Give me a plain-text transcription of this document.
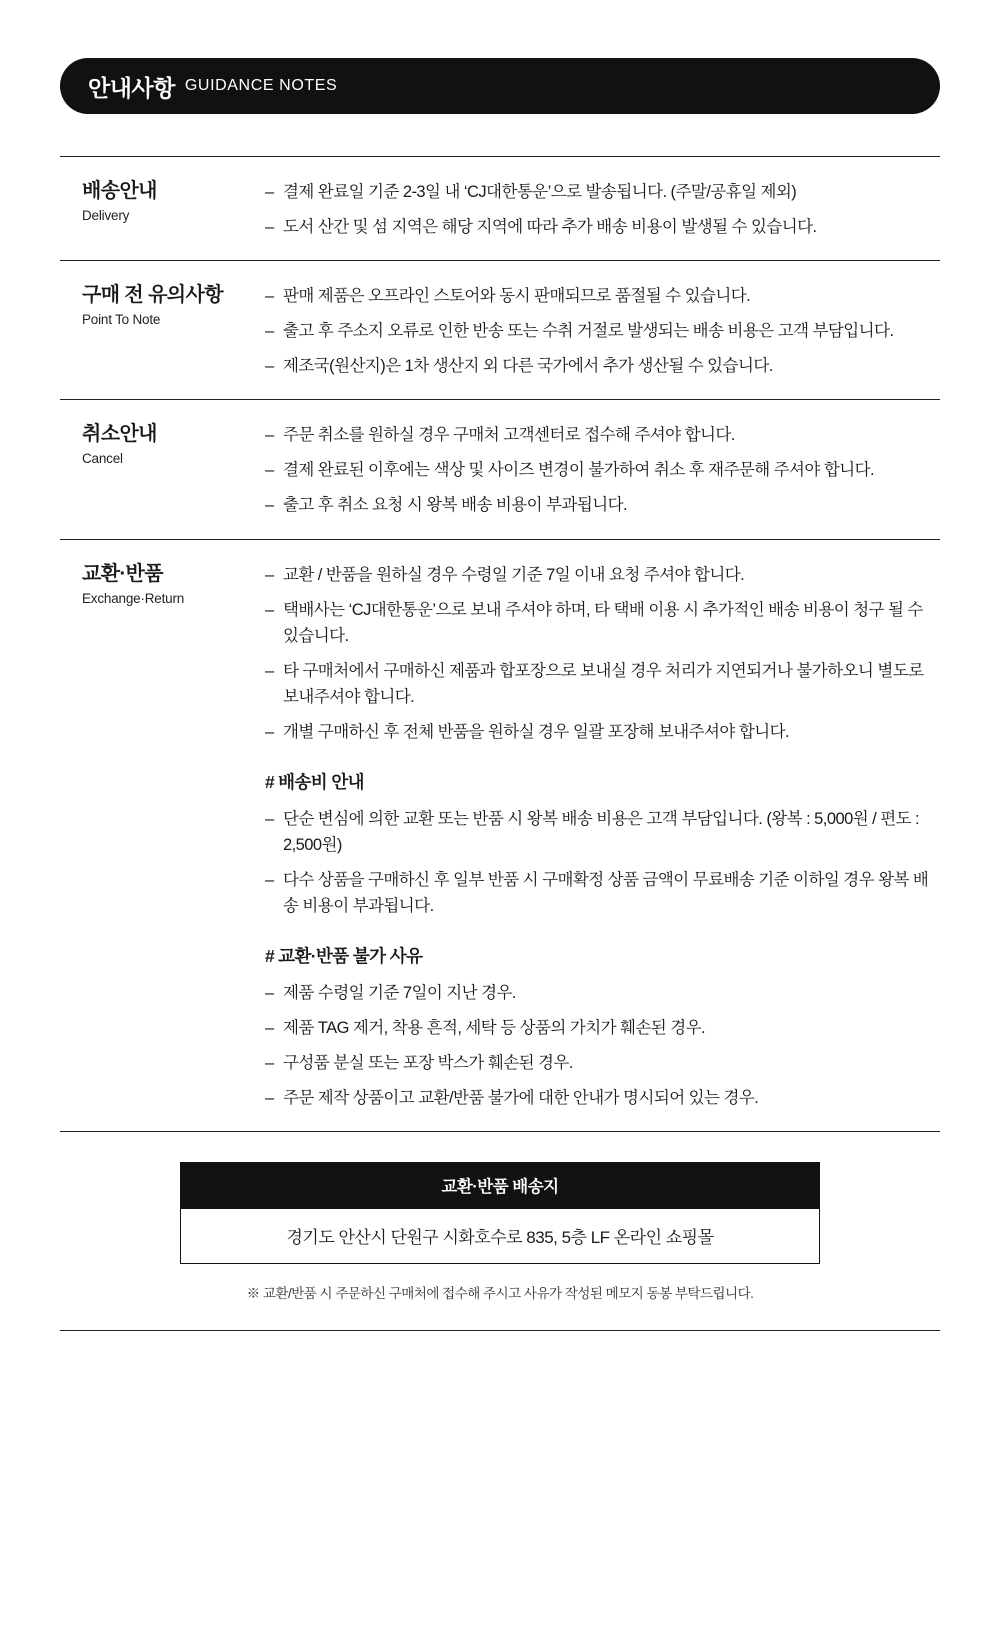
안내사항 GUIDANCE NOTES
배송안내
Delivery
– 결제 완료일 기준 2-3일 내 ‘CJ대한통운’으로 발송됩니다. (주말/공휴일 제외)
– 도서 산간 및 섬 지역은 해당 지역에 따라 추가 배송 비용이 발생될 수 있습니다.
구매 전 유의사항
Point To Note
– 판매 제품은 오프라인 스토어와 동시 판매되므로 품절될 수 있습니다.
– 출고 후 주소지 오류로 인한 반송 또는 수취 거절로 발생되는 배송 비용은 고객 부담입니다.
– 제조국(원산지)은 1차 생산지 외 다른 국가에서 추가 생산될 수 있습니다.
취소안내
Cancel
– 주문 취소를 원하실 경우 구매처 고객센터로 접수해 주셔야 합니다.
– 결제 완료된 이후에는 색상 및 사이즈 변경이 불가하여 취소 후 재주문해 주셔야 합니다.
– 출고 후 취소 요청 시 왕복 배송 비용이 부과됩니다.
교환·반품
Exchange·Return
– 교환 / 반품을 원하실 경우 수령일 기준 7일 이내 요청 주셔야 합니다.
– 택배사는 ‘CJ대한통운’으로 보내 주셔야 하며, 타 택배 이용 시 추가적인 배송 비용이 청구 될 수 있습니다.
– 타 구매처에서 구매하신 제품과 합포장으로 보내실 경우 처리가 지연되거나 불가하오니 별도로 보내주셔야 합니다.
– 개별 구매하신 후 전체 반품을 원하실 경우 일괄 포장해 보내주셔야 합니다.
# 배송비 안내
– 단순 변심에 의한 교환 또는 반품 시 왕복 배송 비용은 고객 부담입니다. (왕복 : 5,000원 / 편도 : 2,500원)
– 다수 상품을 구매하신 후 일부 반품 시 구매확정 상품 금액이 무료배송 기준 이하일 경우 왕복 배송 비용이 부과됩니다.
# 교환·반품 불가 사유
– 제품 수령일 기준 7일이 지난 경우.
– 제품 TAG 제거, 착용 흔적, 세탁 등 상품의 가치가 훼손된 경우.
– 구성품 분실 또는 포장 박스가 훼손된 경우.
– 주문 제작 상품이고 교환/반품 불가에 대한 안내가 명시되어 있는 경우.
교환·반품 배송지
경기도 안산시 단원구 시화호수로 835, 5층 LF 온라인 쇼핑몰
※ 교환/반품 시 주문하신 구매처에 접수해 주시고 사유가 작성된 메모지 동봉 부탁드립니다.
